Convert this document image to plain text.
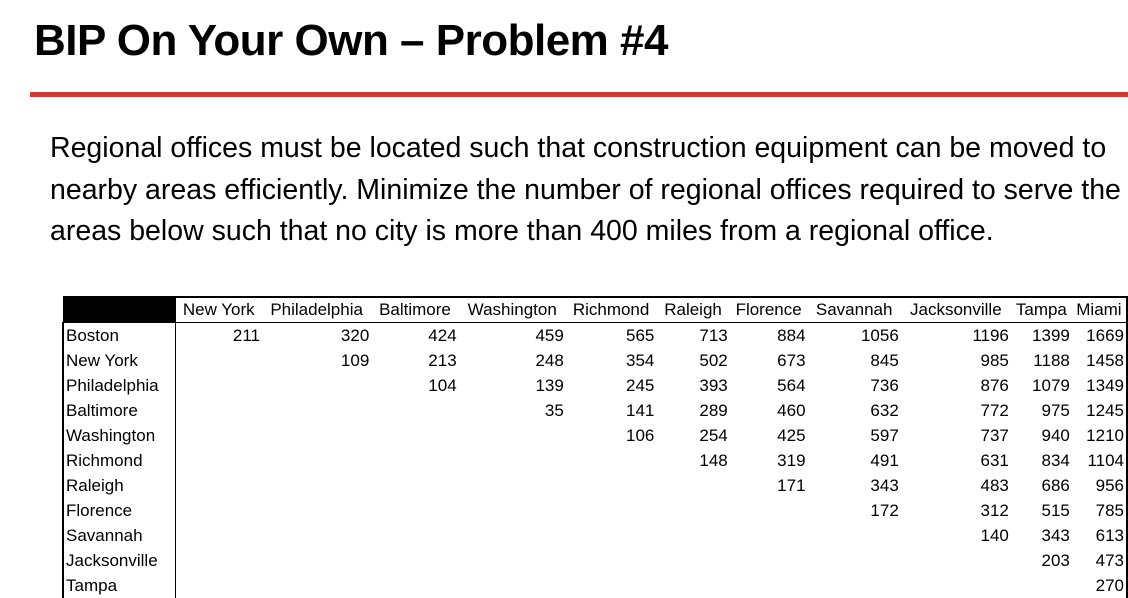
BIP On Your Own – Problem #4
Regional offices must be located such that construction equipment can be moved to nearby areas efficiently. Minimize the number of regional offices required to serve the areas below such that no city is more than 400 miles from a regional office.
	New York	Philadelphia	Baltimore	Washington	Richmond	Raleigh	Florence	Savannah	Jacksonville	Tampa	Miami
Boston	211	320	424	459	565	713	884	1056	1196	1399	1669
New York		109	213	248	354	502	673	845	985	1188	1458
Philadelphia			104	139	245	393	564	736	876	1079	1349
Baltimore				35	141	289	460	632	772	975	1245
Washington					106	254	425	597	737	940	1210
Richmond						148	319	491	631	834	1104
Raleigh							171	343	483	686	956
Florence								172	312	515	785
Savannah									140	343	613
Jacksonville										203	473
Tampa											270
